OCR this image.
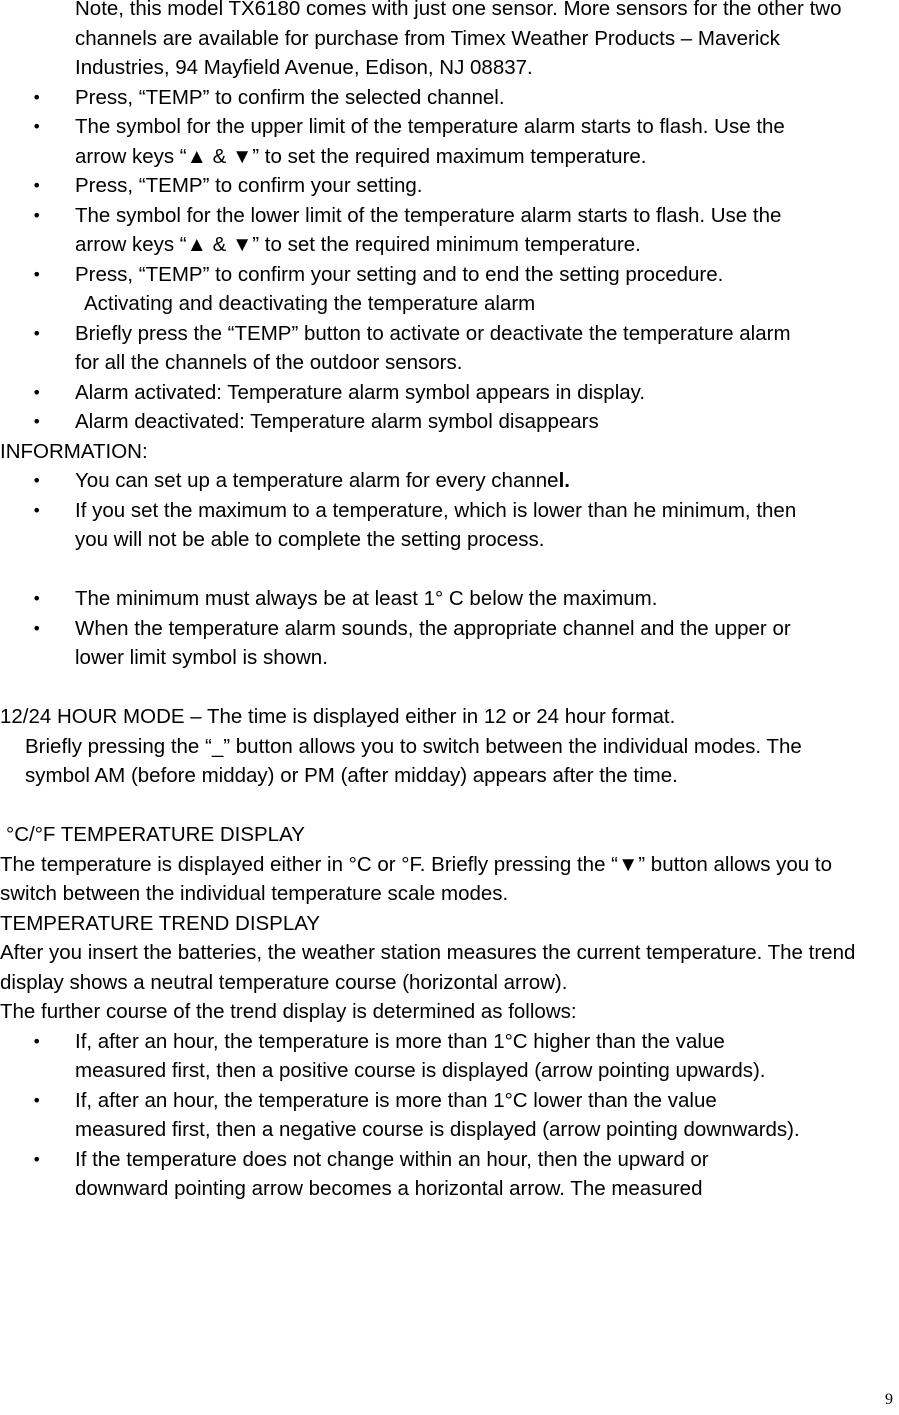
Note, this model TX6180 comes with just one sensor. More sensors for the other two channels are available for purchase from Timex Weather Products – Maverick Industries, 94 Mayfield Avenue, Edison, NJ 08837.

• Press, “TEMP” to confirm the selected channel.

• The symbol for the upper limit of the temperature alarm starts to flash. Use the arrow keys “▲ & ▼” to set the required maximum temperature.

• Press, “TEMP” to confirm your setting.

• The symbol for the lower limit of the temperature alarm starts to flash. Use the arrow keys “▲ & ▼” to set the required minimum temperature.

• Press, “TEMP” to confirm your setting and to end the setting procedure.

Activating and deactivating the temperature alarm

• Briefly press the “TEMP” button to activate or deactivate the temperature alarm for all the channels of the outdoor sensors.

• Alarm activated: Temperature alarm symbol appears in display.

• Alarm deactivated: Temperature alarm symbol disappears

INFORMATION:

• You can set up a temperature alarm for every channel.

• If you set the maximum to a temperature, which is lower than he minimum, then you will not be able to complete the setting process.

• The minimum must always be at least 1° C below the maximum.

• When the temperature alarm sounds, the appropriate channel and the upper or lower limit symbol is shown.

12/24 HOUR MODE – The time is displayed either in 12 or 24 hour format.

Briefly pressing the “_” button allows you to switch between the individual modes. The symbol AM (before midday) or PM (after midday) appears after the time.

°C/°F TEMPERATURE DISPLAY

The temperature is displayed either in °C or °F. Briefly pressing the “▼” button allows you to switch between the individual temperature scale modes.

TEMPERATURE TREND DISPLAY

After you insert the batteries, the weather station measures the current temperature. The trend display shows a neutral temperature course (horizontal arrow).

The further course of the trend display is determined as follows:

• If, after an hour, the temperature is more than 1°C higher than the value measured first, then a positive course is displayed (arrow pointing upwards).

• If, after an hour, the temperature is more than 1°C lower than the value measured first, then a negative course is displayed (arrow pointing downwards).

• If the temperature does not change within an hour, then the upward or downward pointing arrow becomes a horizontal arrow. The measured

9
